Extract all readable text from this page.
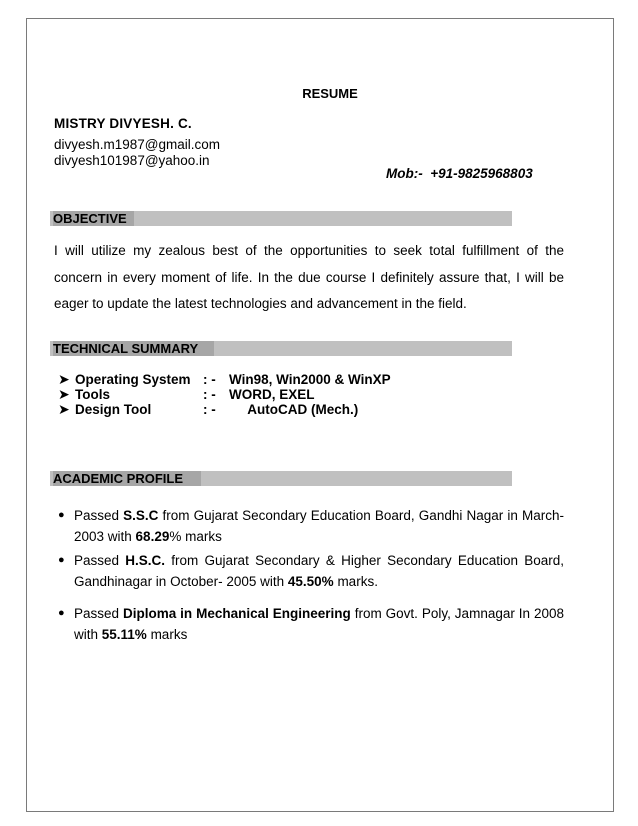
RESUME
MISTRY DIVYESH. C.
divyesh.m1987@gmail.com
divyesh101987@yahoo.in
Mob:-  +91-9825968803
OBJECTIVE
I will utilize my zealous best of the opportunities to seek total fulfillment of the concern in every moment of life. In the due course I definitely assure that, I will be eager to update the latest technologies and advancement in the field.
TECHNICAL SUMMARY
➤ Operating System : - Win98, Win2000 & WinXP
➤ Tools	: - WORD, EXEL
➤ Design Tool	: - AutoCAD (Mech.)
ACADEMIC PROFILE
● Passed S.S.C from Gujarat Secondary Education Board, Gandhi Nagar in March-2003 with 68.29% marks
● Passed H.S.C. from Gujarat Secondary & Higher Secondary Education Board, Gandhinagar in October- 2005 with 45.50% marks.
● Passed Diploma in Mechanical Engineering from Govt. Poly, Jamnagar In 2008 with 55.11% marks
